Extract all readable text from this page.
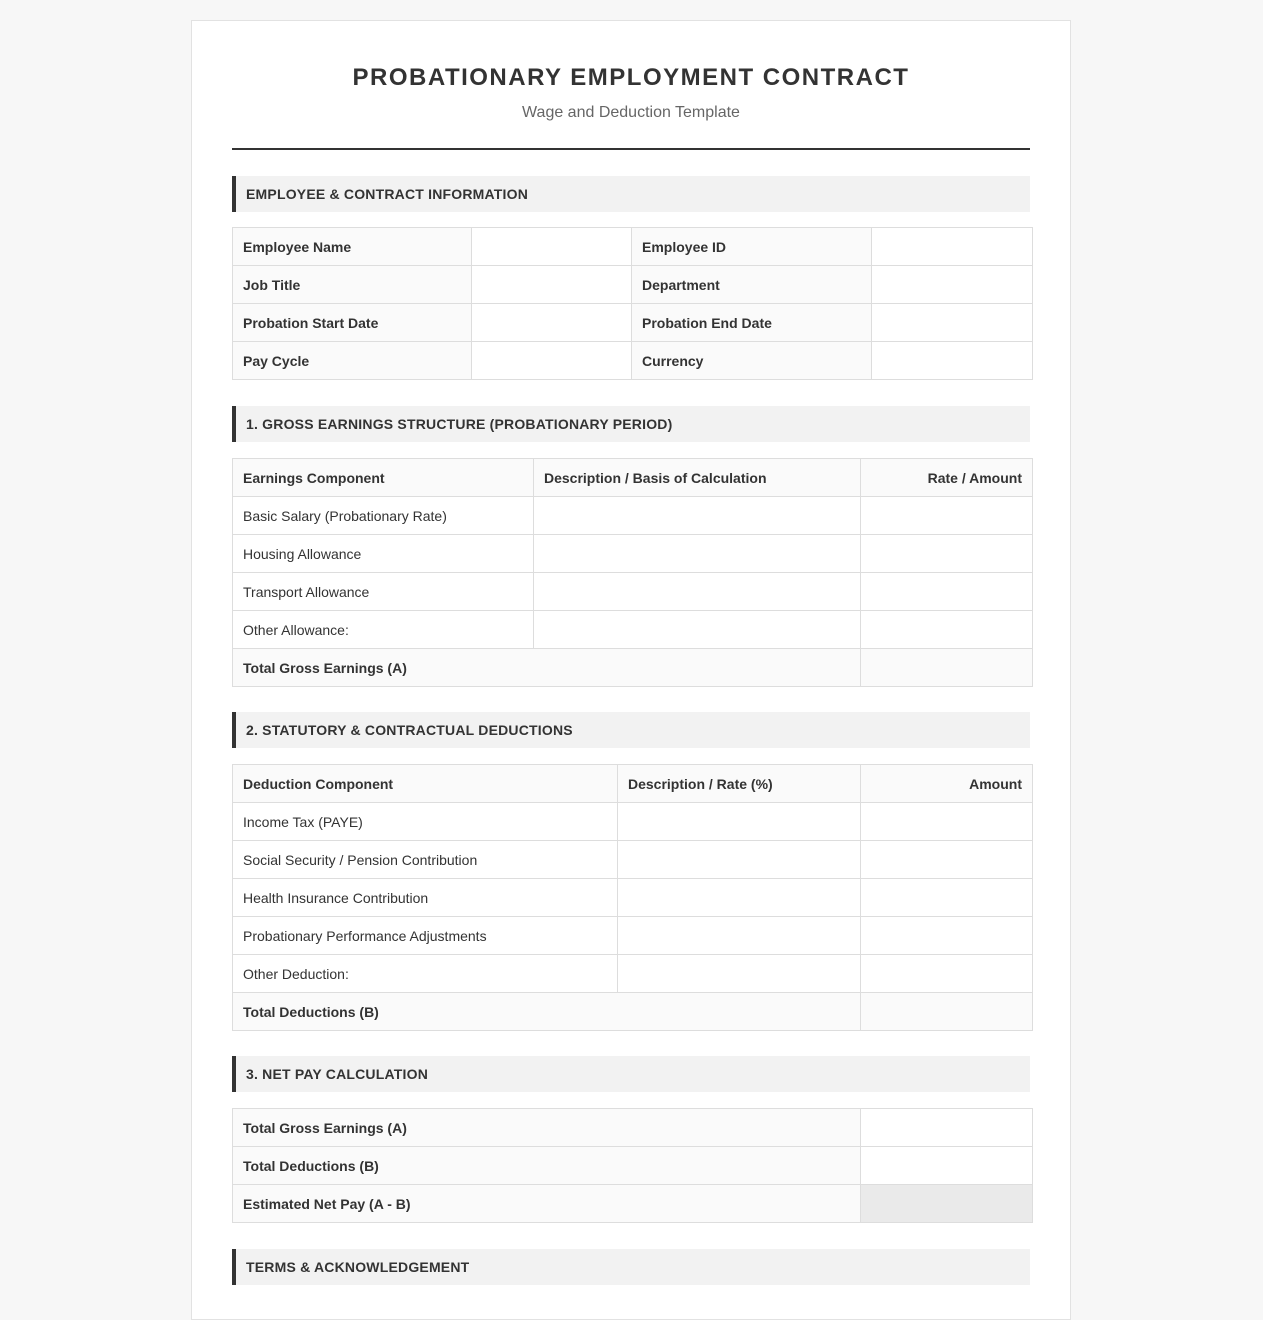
PROBATIONARY EMPLOYMENT CONTRACT
Wage and Deduction Template
EMPLOYEE & CONTRACT INFORMATION
Employee Name		Employee ID	
Job Title		Department	
Probation Start Date		Probation End Date	
Pay Cycle		Currency	
1. GROSS EARNINGS STRUCTURE (PROBATIONARY PERIOD)
Earnings Component	Description / Basis of Calculation	Rate / Amount
Basic Salary (Probationary Rate)		
Housing Allowance		
Transport Allowance		
Other Allowance:		
Total Gross Earnings (A)		
2. STATUTORY & CONTRACTUAL DEDUCTIONS
Deduction Component	Description / Rate (%)	Amount
Income Tax (PAYE)		
Social Security / Pension Contribution		
Health Insurance Contribution		
Probationary Performance Adjustments		
Other Deduction:		
Total Deductions (B)		
3. NET PAY CALCULATION
Total Gross Earnings (A)	
Total Deductions (B)	
Estimated Net Pay (A - B)	
TERMS & ACKNOWLEDGEMENT
